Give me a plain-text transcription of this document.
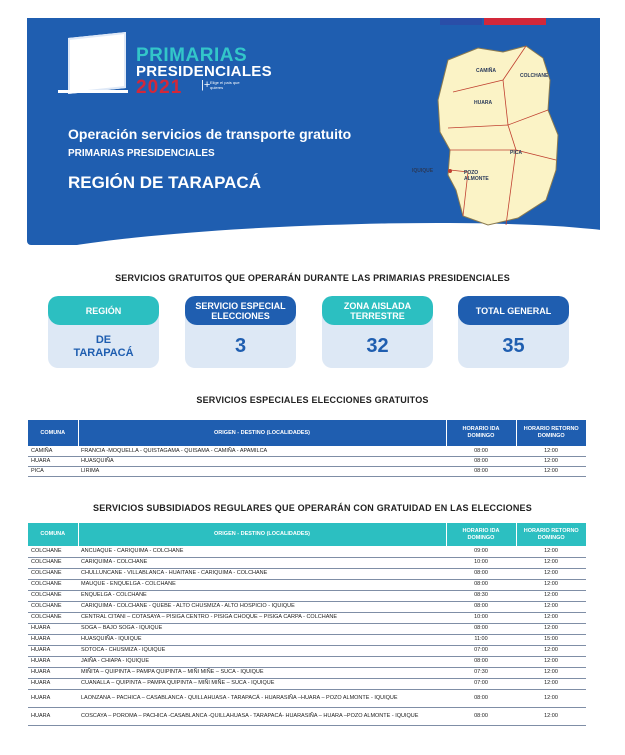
PRIMARIAS
PRESIDENCIALES
2021 |+ Elige el país que quieres
Operación servicios de transporte gratuito
PRIMARIAS PRESIDENCIALES
REGIÓN DE TARAPACÁ
CAMIÑA
COLCHANE
HUARA
PICA
IQUIQUE	POZO ALMONTE
SERVICIOS GRATUITOS QUE OPERARÁN DURANTE LAS PRIMARIAS PRESIDENCIALES
REGIÓN
DE TARAPACÁ
SERVICIO ESPECIAL ELECCIONES
3
ZONA AISLADA TERRESTRE
32
TOTAL GENERAL
35
SERVICIOS ESPECIALES ELECCIONES GRATUITOS
COMUNA	ORIGEN - DESTINO (LOCALIDADES)	HORARIO IDA DOMINGO	HORARIO RETORNO DOMINGO
CAMIÑA	FRANCIA -MOQUELLA - QUISTAGAMA - QUISAMA - CAMIÑA - APAMILCA	08:00	12:00
HUARA	HUASQUIÑA	08:00	12:00
PICA	LIRIMA	08:00	12:00
SERVICIOS SUBSIDIADOS REGULARES QUE OPERARÁN CON GRATUIDAD EN LAS ELECCIONES
COMUNA	ORIGEN - DESTINO (LOCALIDADES)	HORARIO IDA DOMINGO	HORARIO RETORNO DOMINGO
COLCHANE	ANCUAQUE - CARIQUIMA - COLCHANE	09:00	12:00
COLCHANE	CARIQUIMA - COLCHANE	10:00	12:00
COLCHANE	CHULLUNCANE - VILLABLANCA - HUAITANE - CARIQUIMA - COLCHANE	08:00	12:00
COLCHANE	MAUQUE - ENQUELGA - COLCHANE	08:00	12:00
COLCHANE	ENQUELGA - COLCHANE	08:30	12:00
COLCHANE	CARIQUIMA - COLCHANE - QUEBE - ALTO CHUSMIZA - ALTO HOSPICIO - IQUIQUE	08:00	12:00
COLCHANE	CENTRAL CITANI – COTASAYA – PISIGA CENTRO - PISIGA CHOQUE – PISIGA CARPA - COLCHANE	10:00	12:00
HUARA	SOGA – BAJO SOGA - IQUIQUE	08:00	12:00
HUARA	HUASQUIÑA - IQUIQUE	11:00	15:00
HUARA	SOTOCA - CHUSMIZA - IQUIQUE	07:00	12:00
HUARA	JAIÑA - CHIAPA - IQUIQUE	08:00	12:00
HUARA	MIÑITA – QUIPINTA – PAMPA QUIPINTA – MIÑI MIÑE – SUCA - IQUIQUE	07:30	12:00
HUARA	CUANALLA – QUIPINTA – PAMPA QUIPINTA – MIÑI MIÑE – SUCA - IQUIQUE	07:00	12:00
HUARA	LAONZANA – PACHICA – CASABLANCA - QUILLAHUASA - TARAPACÁ - HUARASIÑA –HUARA – POZO ALMONTE - IQUIQUE	08:00	12:00
HUARA	COSCAYA – POROMA – PACHICA -CASABLANCA -QUILLAHUASA - TARAPACÁ- HUARASIÑA – HUARA –POZO ALMONTE - IQUIQUE	08:00	12:00
